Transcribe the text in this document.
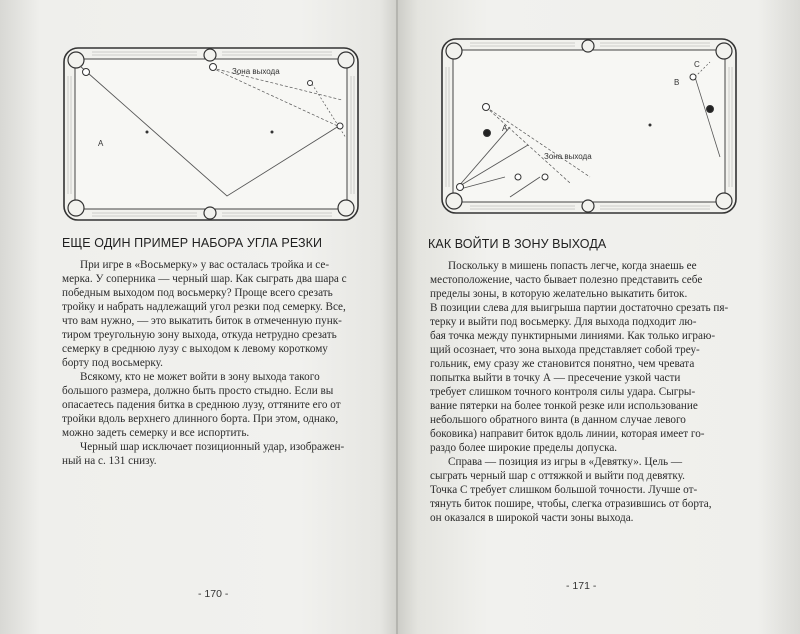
А
Зона выхода
ЕЩЕ ОДИН ПРИМЕР НАБОРА УГЛА РЕЗКИ
При игре в «Восьмерку» у вас осталась тройка и се-
мерка. У соперника — черный шар. Как сыграть два шара с
победным выходом под восьмерку? Проще всего срезать
тройку и набрать надлежащий угол резки под семерку. Все,
что вам нужно, — это выкатить биток в отмеченную пунк-
тиром треугольную зону выхода, откуда нетрудно срезать
семерку в среднюю лузу с выходом к левому короткому
борту под восьмерку.
Всякому, кто не может войти в зону выхода такого
большого размера, должно быть просто стыдно. Если вы
опасаетесь падения битка в среднюю лузу, оттяните его от
тройки вдоль верхнего длинного борта. При этом, однако,
можно задеть семерку и все испортить.
Черный шар исключает позиционный удар, изображен-
ный на с. 131 снизу.
- 170 -
A
B
C
Зона выхода
КАК ВОЙТИ В ЗОНУ ВЫХОДА
Поскольку в мишень попасть легче, когда знаешь ее
местоположение, часто бывает полезно представить себе
пределы зоны, в которую желательно выкатить биток.
В позиции слева для выигрыша партии достаточно срезать пя-
терку и выйти под восьмерку. Для выхода подходит лю-
бая точка между пунктирными линиями. Как только играю-
щий осознает, что зона выхода представляет собой треу-
гольник, ему сразу же становится понятно, чем чревата
попытка выйти в точку А — пресечение узкой части
требует слишком точного контроля силы удара. Сыгры-
вание пятерки на более тонкой резке или использование
небольшого обратного винта (в данном случае левого
боковика) направит биток вдоль линии, которая имеет го-
раздо более широкие пределы допуска.
Справа — позиция из игры в «Девятку». Цель —
сыграть черный шар с оттяжкой и выйти под девятку.
Точка С требует слишком большой точности. Лучше от-
тянуть биток пошире, чтобы, слегка отразившись от борта,
он оказался в широкой части зоны выхода.
- 171 -
